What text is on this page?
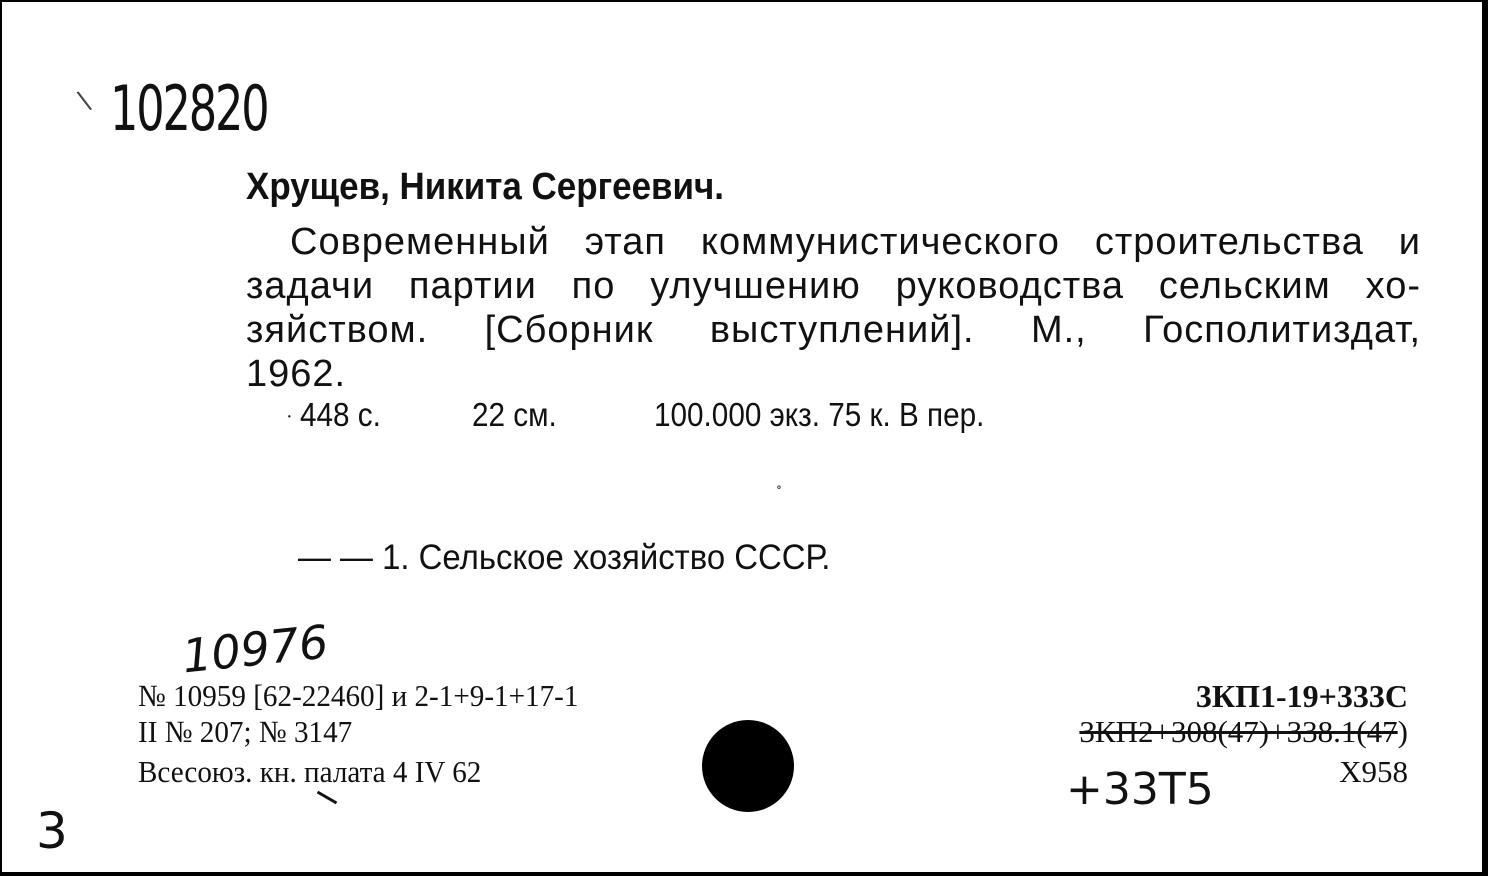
\ 102820
Хрущев, Никита Сергеевич.
Современный этап коммунистического строительства и
задачи партии по улучшению руководства сельским хо-
зяйством. [Сборник выступлений]. М., Госполитиздат,
1962.
· 448 с.	22 см.	100.000 экз. 75 к. В пер.
∘
— — 1. Сельское хозяйство СССР.
10976
№ 10959 [62-22460] и 2-1+9-1+17-1
II № 207; № 3147
Всесоюз. кн. палата 4 IV 62
3
3КП1-19+333С
3КП2+308(47)+338.1(47)
Х958
+33Т5
